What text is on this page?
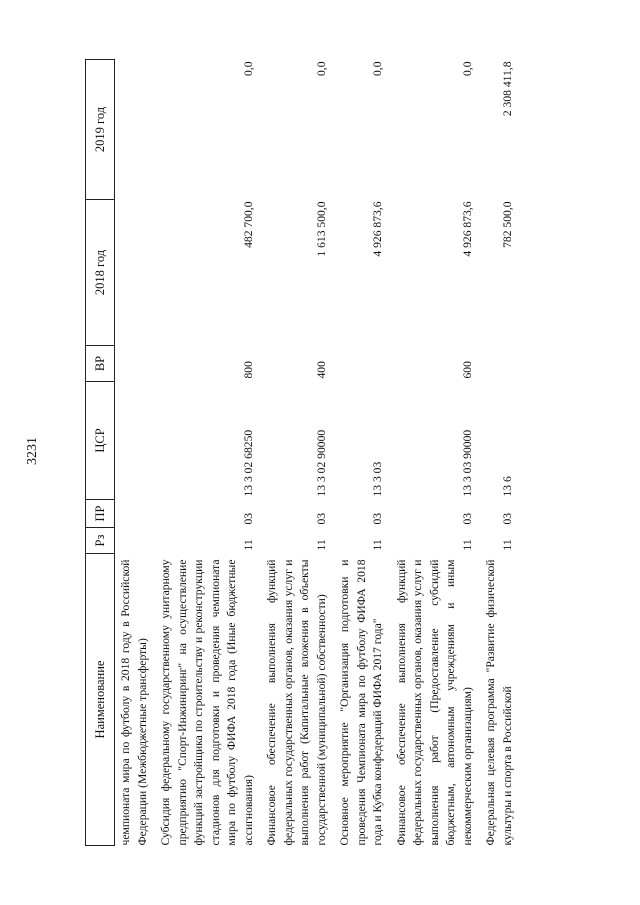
3231
Наименование	Рз	ПР	ЦСР	ВР	2018 год	2019 год
чемпионата мира по футболу в 2018 году в Российской Федерации (Межбюджетные трансферты)						
Субсидия федеральному государственному унитарному предприятию "Спорт-Инжиниринг" на осуществление функций застройщика по строительству и реконструкции стадионов для подготовки и проведения чемпионата мира по футболу ФИФА 2018 года (Иные бюджетные ассигнования)	11	03	13 3 02 68250	800	482 700,0	0,0
Финансовое обеспечение выполнения функций федеральных государственных органов, оказания услуг и выполнения работ (Капитальные вложения в объекты государственной (муниципальной) собственности)	11	03	13 3 02 90000	400	1 613 500,0	0,0
Основное мероприятие "Организация подготовки и проведения Чемпионата мира по футболу ФИФА 2018 года и Кубка конфедераций ФИФА 2017 года"	11	03	13 3 03		4 926 873,6	0,0
Финансовое обеспечение выполнения функций федеральных государственных органов, оказания услуг и выполнения работ (Предоставление субсидий бюджетным, автономным учреждениям и иным некоммерческим организациям)	11	03	13 3 03 90000	600	4 926 873,6	0,0
Федеральная целевая программа "Развитие физической культуры и спорта в Российской	11	03	13 6		782 500,0	2 308 411,8
